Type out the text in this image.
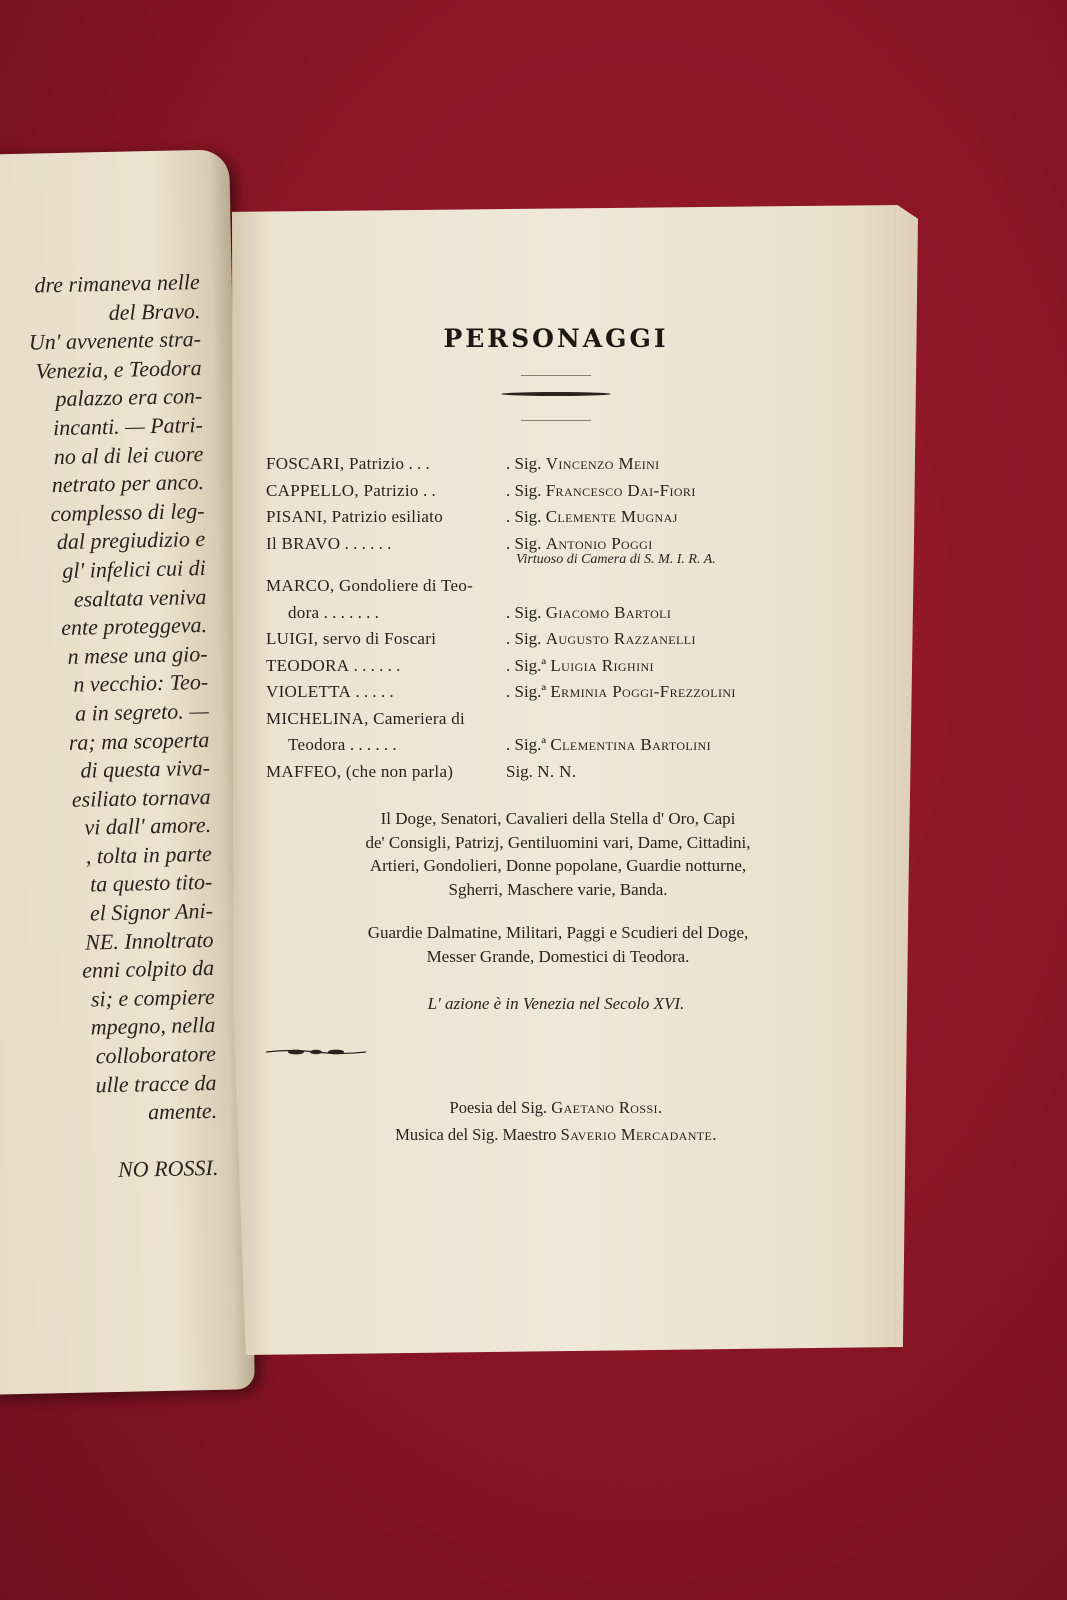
dre rimaneva nelle
del Bravo.
Un' avvenente stra-
Venezia, e Teodora
palazzo era con-
incanti. — Patri-
no al di lei cuore
netrato per anco.
complesso di leg-
dal pregiudizio e
gl' infelici cui di
esaltata veniva
ente proteggeva.
n mese una gio-
n vecchio: Teo-
a in segreto. —
ra; ma scoperta
di questa viva-
esiliato tornava
vi dall' amore.
, tolta in parte
ta questo tito-
el Signor Ani-
NE. Innoltrato
enni colpito da
si; e compiere
mpegno, nella
colloboratore
ulle tracce da
amente.

NO ROSSI.
PERSONAGGI
FOSCARI, Patrizio . . .	. Sig. Vincenzo Meini
CAPPELLO, Patrizio . .	. Sig. Francesco Dai-Fiori
PISANI, Patrizio esiliato	. Sig. Clemente Mugnaj
Il BRAVO . . . . . .	. Sig. Antonio Poggi
Virtuoso di Camera di S. M. I. R. A.
MARCO, Gondoliere di Teo-
dora . . . . . . .	. Sig. Giacomo Bartoli
LUIGI, servo di Foscari	. Sig. Augusto Razzanelli
TEODORA . . . . . .	. Sig.ª Luigia Righini
VIOLETTA . . . . .	. Sig.ª Erminia Poggi-Frezzolini
MICHELINA, Cameriera di
Teodora . . . . . .	. Sig.ª Clementina Bartolini
MAFFEO, (che non parla)	Sig. N. N.
Il Doge, Senatori, Cavalieri della Stella d' Oro, Capi
de' Consigli, Patrizj, Gentiluomini vari, Dame, Cittadini,
Artieri, Gondolieri, Donne popolane, Guardie notturne,
Sgherri, Maschere varie, Banda.
Guardie Dalmatine, Militari, Paggi e Scudieri del Doge,
Messer Grande, Domestici di Teodora.
L' azione è in Venezia nel Secolo XVI.
Poesia del Sig. Gaetano Rossi.
Musica del Sig. Maestro Saverio Mercadante.
